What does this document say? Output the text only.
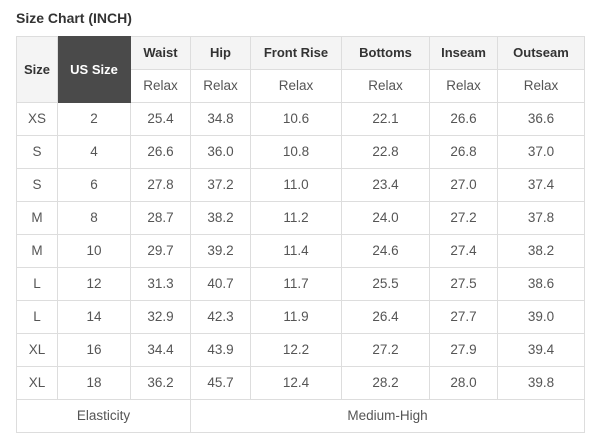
Size Chart (INCH)
Size	US Size	Waist	Hip	Front Rise	Bottoms	Inseam	Outseam
		Relax	Relax	Relax	Relax	Relax	Relax
XS	2	25.4	34.8	10.6	22.1	26.6	36.6
S	4	26.6	36.0	10.8	22.8	26.8	37.0
S	6	27.8	37.2	11.0	23.4	27.0	37.4
M	8	28.7	38.2	11.2	24.0	27.2	37.8
M	10	29.7	39.2	11.4	24.6	27.4	38.2
L	12	31.3	40.7	11.7	25.5	27.5	38.6
L	14	32.9	42.3	11.9	26.4	27.7	39.0
XL	16	34.4	43.9	12.2	27.2	27.9	39.4
XL	18	36.2	45.7	12.4	28.2	28.0	39.8
Elasticity			Medium-High				
